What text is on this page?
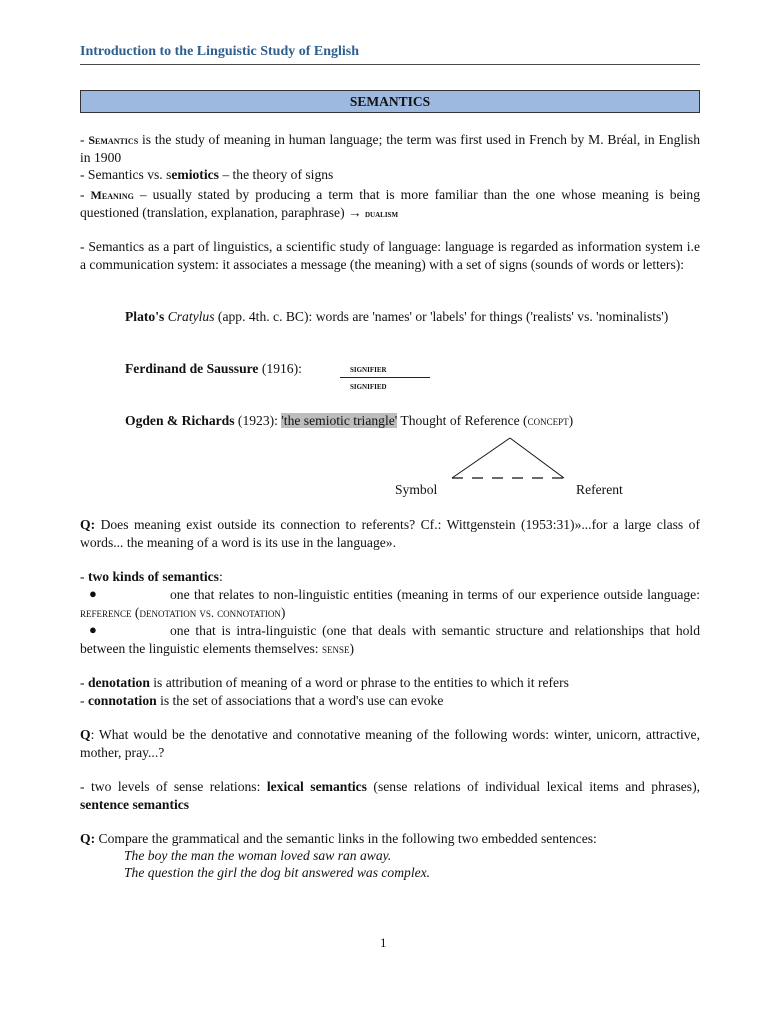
Introduction to the Linguistic Study of English
SEMANTICS

- Semantics is the study of meaning in human language; the term was first used in French by M. Bréal, in English in 1900

- Semantics vs. semiotics – the theory of signs

- Meaning – usually stated by producing a term that is more familiar than the one whose meaning is being questioned (translation, explanation, paraphrase) → dualism

- Semantics as a part of linguistics, a scientific study of language: language is regarded as information system i.e a communication system: it associates a message (the meaning) with a set of signs (sounds of words or letters):

Plato's Cratylus (app. 4th. c. BC): words are 'names' or 'labels' for things ('realists' vs. 'nominalists')

Ferdinand de Saussure (1916):	signifier
signified

Ogden & Richards (1923): 'the semiotic triangle' Thought of Reference (concept)

Symbol	Referent

Q: Does meaning exist outside its connection to referents? Cf.: Wittgenstein (1953:31)»...for a large class of words... the meaning of a word is its use in the language».

- two kinds of semantics:

●	one that relates to non-linguistic entities (meaning in terms of our experience outside language: reference (denotation vs. connotation)

●	one that is intra-linguistic (one that deals with semantic structure and relationships that hold between the linguistic elements themselves: sense)

- denotation is attribution of meaning of a word or phrase to the entities to which it refers

- connotation is the set of associations that a word's use can evoke

Q: What would be the denotative and connotative meaning of the following words: winter, unicorn, attractive, mother, pray...?

- two levels of sense relations: lexical semantics (sense relations of individual lexical items and phrases), sentence semantics

Q: Compare the grammatical and the semantic links in the following two embedded sentences:

The boy the man the woman loved saw ran away.
The question the girl the dog bit answered was complex.
1
